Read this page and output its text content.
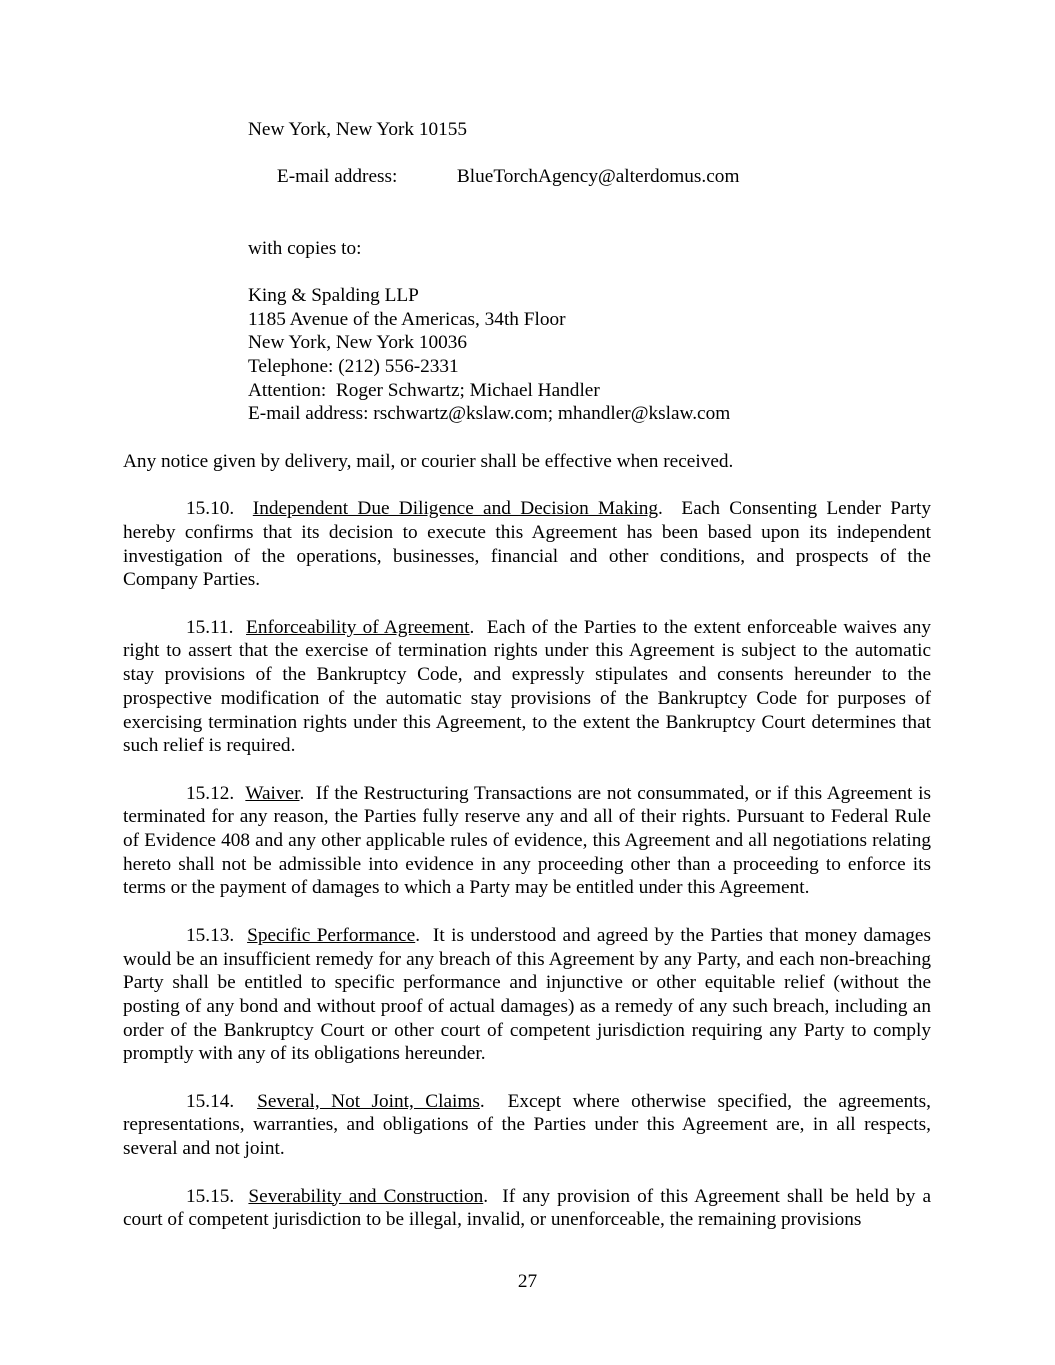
New York, New York 10155

E-mail address:	BlueTorchAgency@alterdomus.com

with copies to:
King & Spalding LLP
1185 Avenue of the Americas, 34th Floor
New York, New York 10036
Telephone: (212) 556-2331
Attention:  Roger Schwartz; Michael Handler
E-mail address: rschwartz@kslaw.com; mhandler@kslaw.com

Any notice given by delivery, mail, or courier shall be effective when received.

15.10.  Independent Due Diligence and Decision Making.  Each Consenting Lender Party hereby confirms that its decision to execute this Agreement has been based upon its independent investigation of the operations, businesses, financial and other conditions, and prospects of the Company Parties.

15.11.  Enforceability of Agreement.  Each of the Parties to the extent enforceable waives any right to assert that the exercise of termination rights under this Agreement is subject to the automatic stay provisions of the Bankruptcy Code, and expressly stipulates and consents hereunder to the prospective modification of the automatic stay provisions of the Bankruptcy Code for purposes of exercising termination rights under this Agreement, to the extent the Bankruptcy Court determines that such relief is required.

15.12.  Waiver.  If the Restructuring Transactions are not consummated, or if this Agreement is terminated for any reason, the Parties fully reserve any and all of their rights. Pursuant to Federal Rule of Evidence 408 and any other applicable rules of evidence, this Agreement and all negotiations relating hereto shall not be admissible into evidence in any proceeding other than a proceeding to enforce its terms or the payment of damages to which a Party may be entitled under this Agreement.

15.13.  Specific Performance.  It is understood and agreed by the Parties that money damages would be an insufficient remedy for any breach of this Agreement by any Party, and each non-breaching Party shall be entitled to specific performance and injunctive or other equitable relief (without the posting of any bond and without proof of actual damages) as a remedy of any such breach, including an order of the Bankruptcy Court or other court of competent jurisdiction requiring any Party to comply promptly with any of its obligations hereunder.

15.14.  Several, Not Joint, Claims.  Except where otherwise specified, the agreements, representations, warranties, and obligations of the Parties under this Agreement are, in all respects, several and not joint.

15.15.  Severability and Construction.  If any provision of this Agreement shall be held by a court of competent jurisdiction to be illegal, invalid, or unenforceable, the remaining provisions

27
